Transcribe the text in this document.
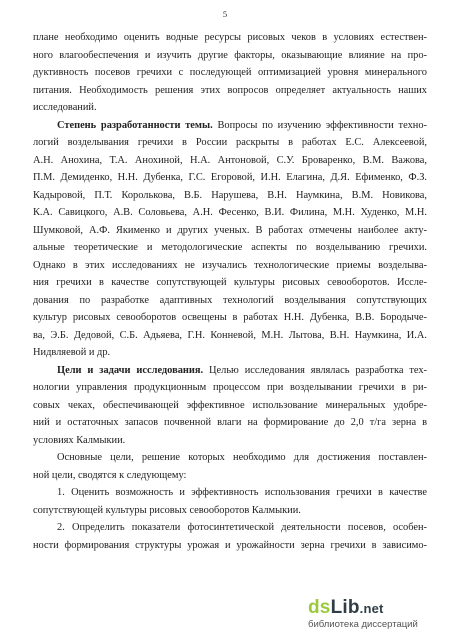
5
плане необходимо оценить водные ресурсы рисовых чеков в условиях естествен-
ного влагообеспечения и изучить другие факторы, оказывающие влияние на про-
дуктивность посевов гречихи с последующей оптимизацией уровня минерального
питания. Необходимость решения этих вопросов определяет актуальность наших
исследований.
Степень разработанности темы. Вопросы по изучению эффективности техно-
логий возделывания гречихи в России раскрыты в работах Е.С. Алексеевой,
А.Н. Анохина, Т.А. Анохиной, Н.А. Антоновой, С.У. Броваренко, В.М. Важова,
П.М. Демиденко, Н.Н. Дубенка, Г.С. Егоровой, И.Н. Елагина, Д.Я. Ефименко, Ф.З.
Кадыровой, П.Т. Королькова, В.Б. Нарушева, В.Н. Наумкина, В.М. Новикова,
К.А. Савицкого, А.В. Соловьева, А.Н. Фесенко, В.И. Филина, М.Н. Худенко, М.Н.
Шумковой, А.Ф. Якименко и других ученых. В работах отмечены наиболее акту-
альные теоретические и методологические аспекты по возделыванию гречихи.
Однако в этих исследованиях не изучались технологические приемы возделыва-
ния гречихи в качестве сопутствующей культуры рисовых севооборотов. Иссле-
дования по разработке адаптивных технологий возделывания сопутствующих
культур рисовых севооборотов освещены в работах Н.Н. Дубенка, В.В. Бородыче-
ва, Э.Б. Дедовой, С.Б. Адьяева, Г.Н. Конневой, М.Н. Лытова, В.Н. Наумкина, И.А.
Нидвляевой и др.
Цели и задачи исследования. Целью исследования являлась разработка тех-
нологии управления продукционным процессом при возделывании гречихи в ри-
совых чеках, обеспечивающей эффективное использование минеральных удобре-
ний и остаточных запасов почвенной влаги на формирование до 2,0 т/га зерна в
условиях Калмыкии.
Основные цели, решение которых необходимо для достижения поставлен-
ной цели, сводятся к следующему:
1. Оценить возможность и эффективность использования гречихи в качестве
сопутствующей культуры рисовых севооборотов Калмыкии.
2. Определить показатели фотосинтетической деятельности посевов, особен-
ности формирования структуры урожая и урожайности зерна гречихи в зависимо-
dsLib.net
библиотека диссертаций
